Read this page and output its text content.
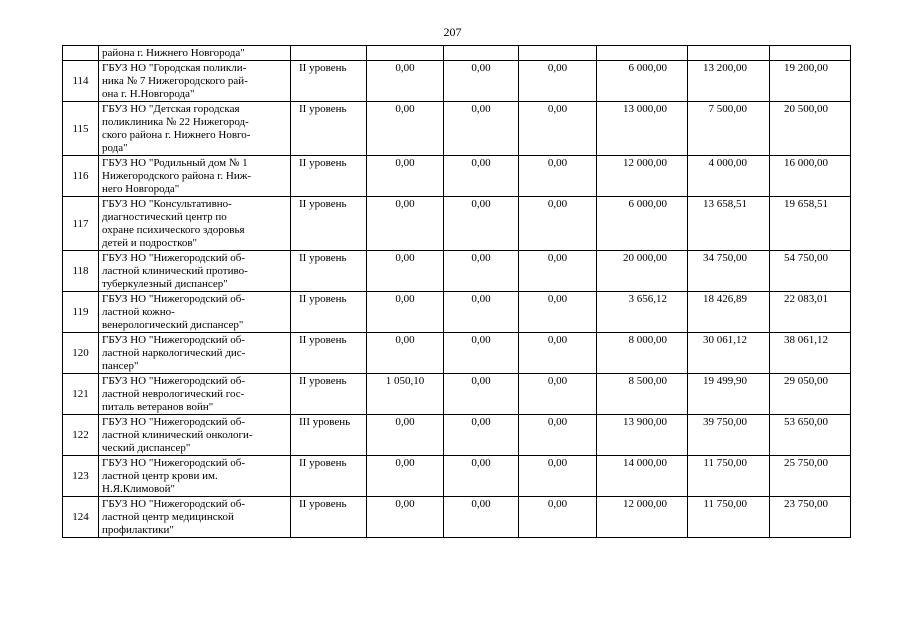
207
	района г. Нижнего Новгорода"							
114	ГБУЗ НО "Городская поликли-
ника № 7 Нижегородского рай-
она г. Н.Новгорода"	II уровень	0,00	0,00	0,00	6 000,00	13 200,00	19 200,00
115	ГБУЗ НО "Детская городская
поликлиника № 22 Нижегород-
ского района г. Нижнего Новго-
рода"	II уровень	0,00	0,00	0,00	13 000,00	7 500,00	20 500,00
116	ГБУЗ НО "Родильный дом № 1
Нижегородского района г. Ниж-
него Новгорода"	II уровень	0,00	0,00	0,00	12 000,00	4 000,00	16 000,00
117	ГБУЗ НО "Консультативно-
диагностический центр по
охране психического здоровья
детей и подростков"	II уровень	0,00	0,00	0,00	6 000,00	13 658,51	19 658,51
118	ГБУЗ НО "Нижегородский об-
ластной клинический противо-
туберкулезный диспансер"	II уровень	0,00	0,00	0,00	20 000,00	34 750,00	54 750,00
119	ГБУЗ НО "Нижегородский об-
ластной кожно-
венерологический диспансер"	II уровень	0,00	0,00	0,00	3 656,12	18 426,89	22 083,01
120	ГБУЗ НО "Нижегородский об-
ластной наркологический дис-
пансер"	II уровень	0,00	0,00	0,00	8 000,00	30 061,12	38 061,12
121	ГБУЗ НО "Нижегородский об-
ластной неврологический гос-
питаль ветеранов войн"	II уровень	1 050,10	0,00	0,00	8 500,00	19 499,90	29 050,00
122	ГБУЗ НО "Нижегородский об-
ластной клинический онкологи-
ческий диспансер"	III уровень	0,00	0,00	0,00	13 900,00	39 750,00	53 650,00
123	ГБУЗ НО "Нижегородский об-
ластной центр крови им.
Н.Я.Климовой"	II уровень	0,00	0,00	0,00	14 000,00	11 750,00	25 750,00
124	ГБУЗ НО "Нижегородский об-
ластной центр медицинской
профилактики"	II уровень	0,00	0,00	0,00	12 000,00	11 750,00	23 750,00
